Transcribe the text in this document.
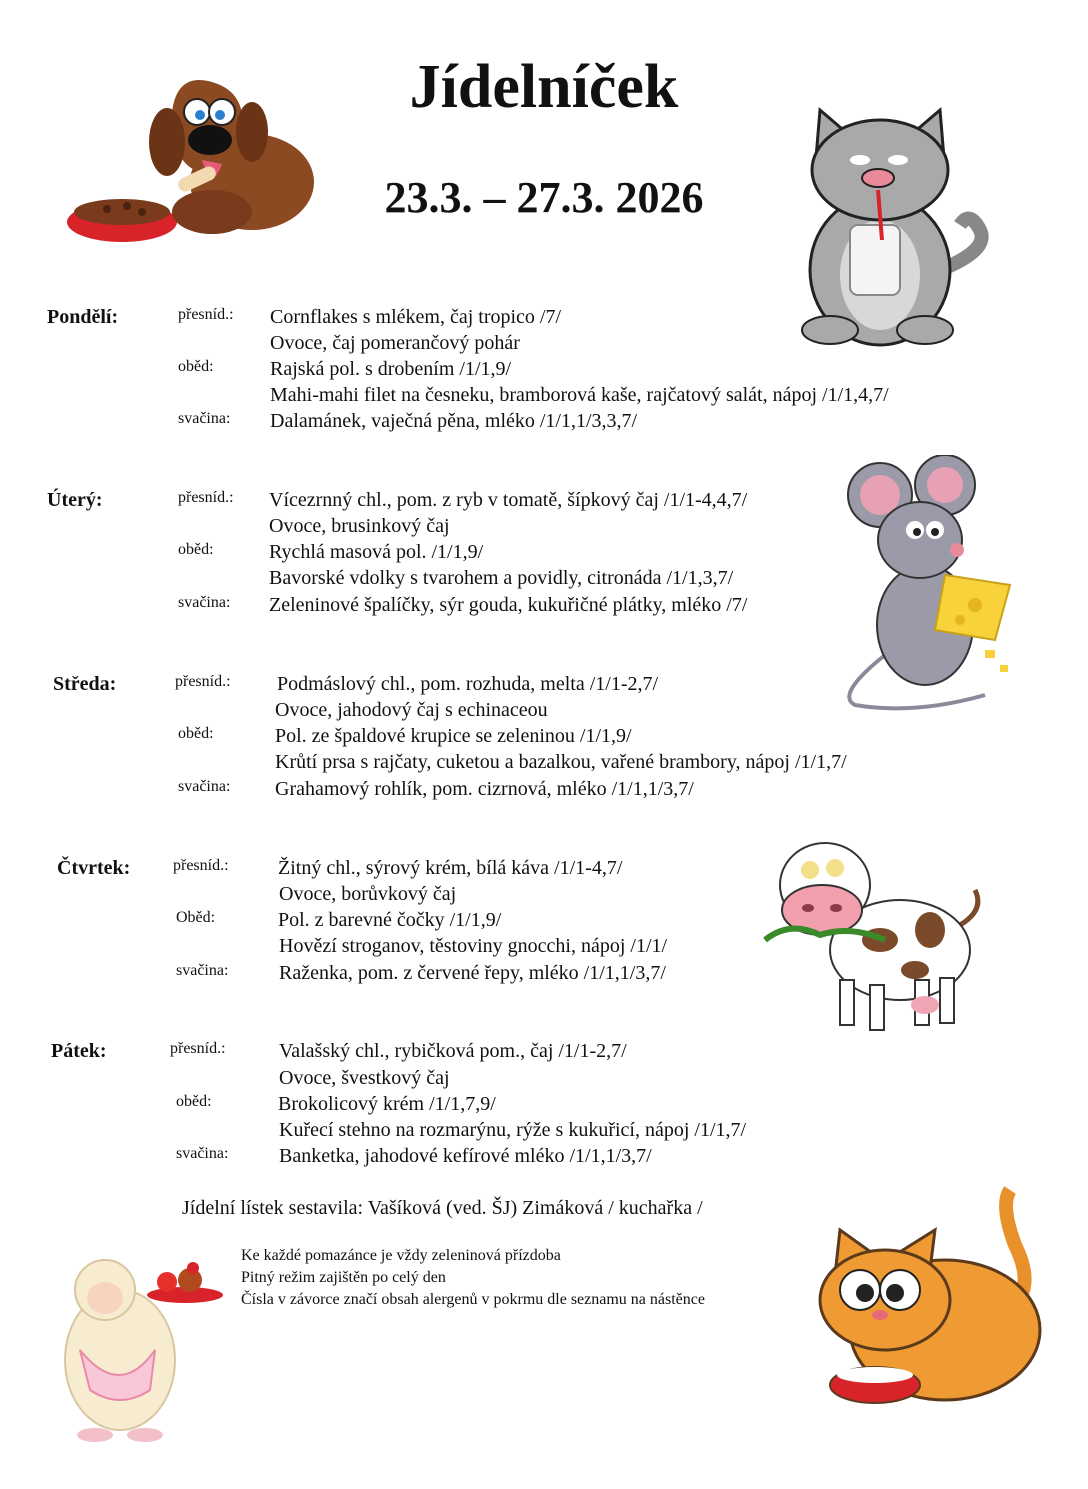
Jídelníček
23.3. – 27.3. 2026
Pondělí:	přesníd.: Cornflakes s mlékem, čaj tropico /7/
Ovoce, čaj pomerančový pohár
oběd:	Rajská pol. s drobením /1/1,9/
Mahi-mahi filet na česneku, bramborová kaše, rajčatový salát, nápoj /1/1,4,7/
svačina: Dalamánek, vaječná pěna, mléko /1/1,1/3,3,7/
Úterý:	přesníd.: Vícezrnný chl., pom. z ryb v tomatě, šípkový čaj /1/1-4,4,7/
Ovoce, brusinkový čaj
oběd:	Rychlá masová pol. /1/1,9/
Bavorské vdolky s tvarohem a povidly, citronáda /1/1,3,7/
svačina: Zeleninové špalíčky, sýr gouda, kukuřičné plátky, mléko /7/
Středa:	přesníd.: Podmáslový chl., pom. rozhuda, melta /1/1-2,7/
Ovoce, jahodový čaj s echinaceou
oběd:	Pol. ze špaldové krupice se zeleninou /1/1,9/
Krůtí prsa s rajčaty, cuketou a bazalkou, vařené brambory, nápoj /1/1,7/
svačina: Grahamový rohlík, pom. cizrnová, mléko /1/1,1/3,7/
Čtvrtek:	přesníd.: Žitný chl., sýrový krém, bílá káva /1/1-4,7/
Ovoce, borůvkový čaj
Oběd:	Pol. z barevné čočky /1/1,9/
Hovězí stroganov, těstoviny gnocchi, nápoj /1/1/
svačina:	Raženka, pom. z červené řepy, mléko /1/1,1/3,7/
Pátek:	přesníd.:	Valašský chl., rybičková pom., čaj /1/1-2,7/
Ovoce, švestkový čaj
oběd:	Brokolicový krém /1/1,7,9/
Kuřecí stehno na rozmarýnu, rýže s kukuřicí, nápoj /1/1,7/
svačina:	Banketka, jahodové kefírové mléko /1/1,1/3,7/
Jídelní lístek sestavila: Vašíková (ved. ŠJ) Zimáková / kuchařka /
Ke každé pomazánce je vždy zeleninová přízdoba
Pitný režim zajištěn po celý den
Čísla v závorce značí obsah alergenů v pokrmu dle seznamu na nástěnce
